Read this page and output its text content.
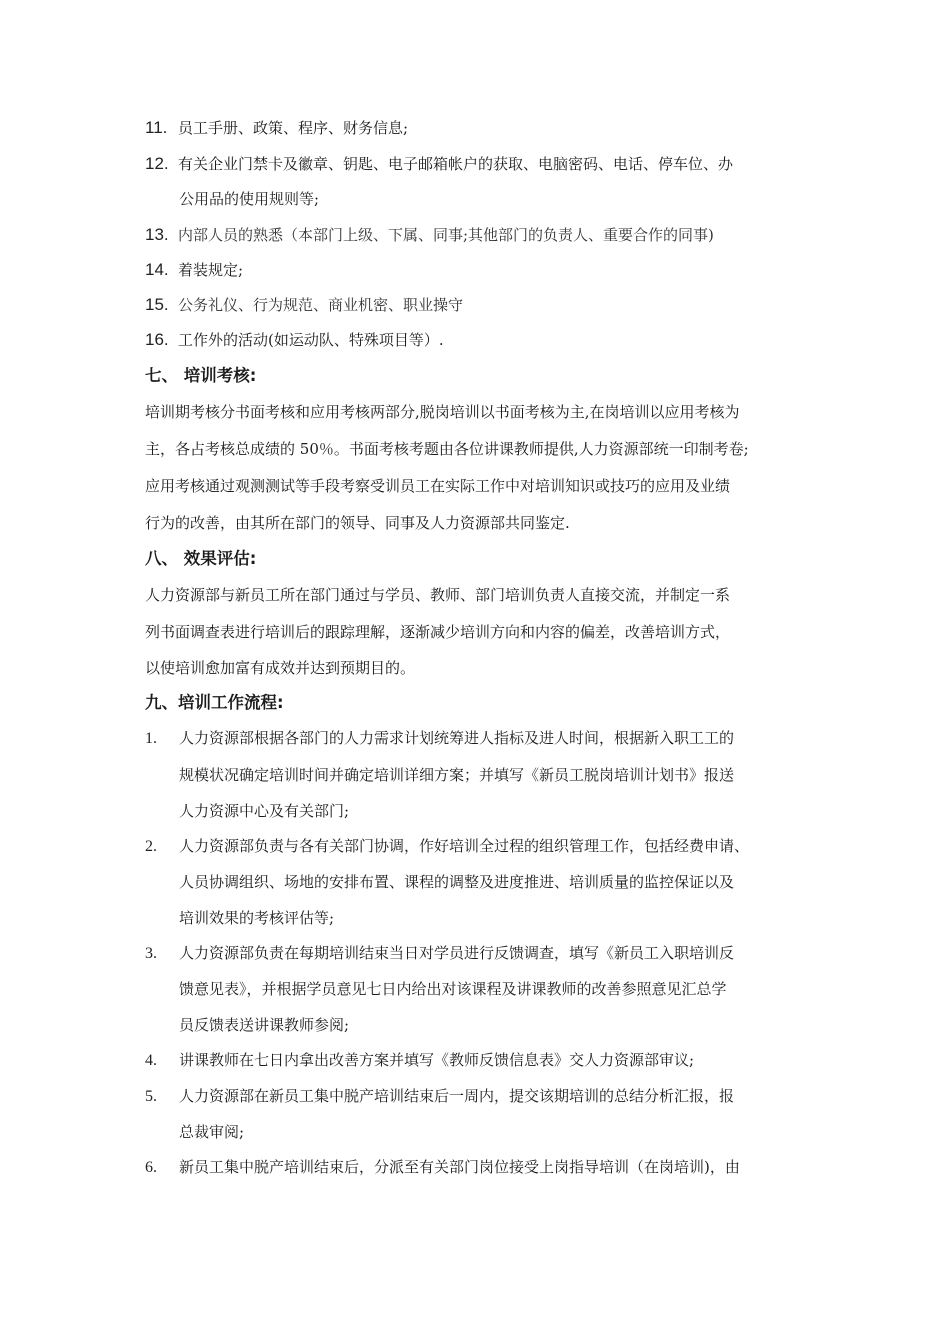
11. 员工手册、政策、程序、财务信息;
12. 有关企业门禁卡及徽章、钥匙、电子邮箱帐户的获取、电脑密码、电话、停车位、办
公用品的使用规则等;
13. 内部人员的熟悉（本部门上级、下属、同事;其他部门的负责人、重要合作的同事)
14. 着装规定;
15. 公务礼仪、行为规范、商业机密、职业操守
16. 工作外的活动(如运动队、特殊项目等）.
七、 培训考核:
培训期考核分书面考核和应用考核两部分,脱岗培训以书面考核为主,在岗培训以应用考核为
主，各占考核总成绩的 50％。书面考核考题由各位讲课教师提供,人力资源部统一印制考卷;
应用考核通过观测测试等手段考察受训员工在实际工作中对培训知识或技巧的应用及业绩
行为的改善，由其所在部门的领导、同事及人力资源部共同鉴定.
八、 效果评估:
人力资源部与新员工所在部门通过与学员、教师、部门培训负责人直接交流，并制定一系
列书面调查表进行培训后的跟踪理解，逐渐减少培训方向和内容的偏差，改善培训方式，
以使培训愈加富有成效并达到预期目的。
九、培训工作流程:
1. 人力资源部根据各部门的人力需求计划统筹进人指标及进人时间，根据新入职工工的
规模状况确定培训时间并确定培训详细方案；并填写《新员工脱岗培训计划书》报送
人力资源中心及有关部门;
2. 人力资源部负责与各有关部门协调，作好培训全过程的组织管理工作，包括经费申请、
人员协调组织、场地的安排布置、课程的调整及进度推进、培训质量的监控保证以及
培训效果的考核评估等;
3. 人力资源部负责在每期培训结束当日对学员进行反馈调查，填写《新员工入职培训反
馈意见表》，并根据学员意见七日内给出对该课程及讲课教师的改善参照意见汇总学
员反馈表送讲课教师参阅;
4. 讲课教师在七日内拿出改善方案并填写《教师反馈信息表》交人力资源部审议;
5. 人力资源部在新员工集中脱产培训结束后一周内，提交该期培训的总结分析汇报，报
总裁审阅;
6. 新员工集中脱产培训结束后，分派至有关部门岗位接受上岗指导培训（在岗培训)，由
